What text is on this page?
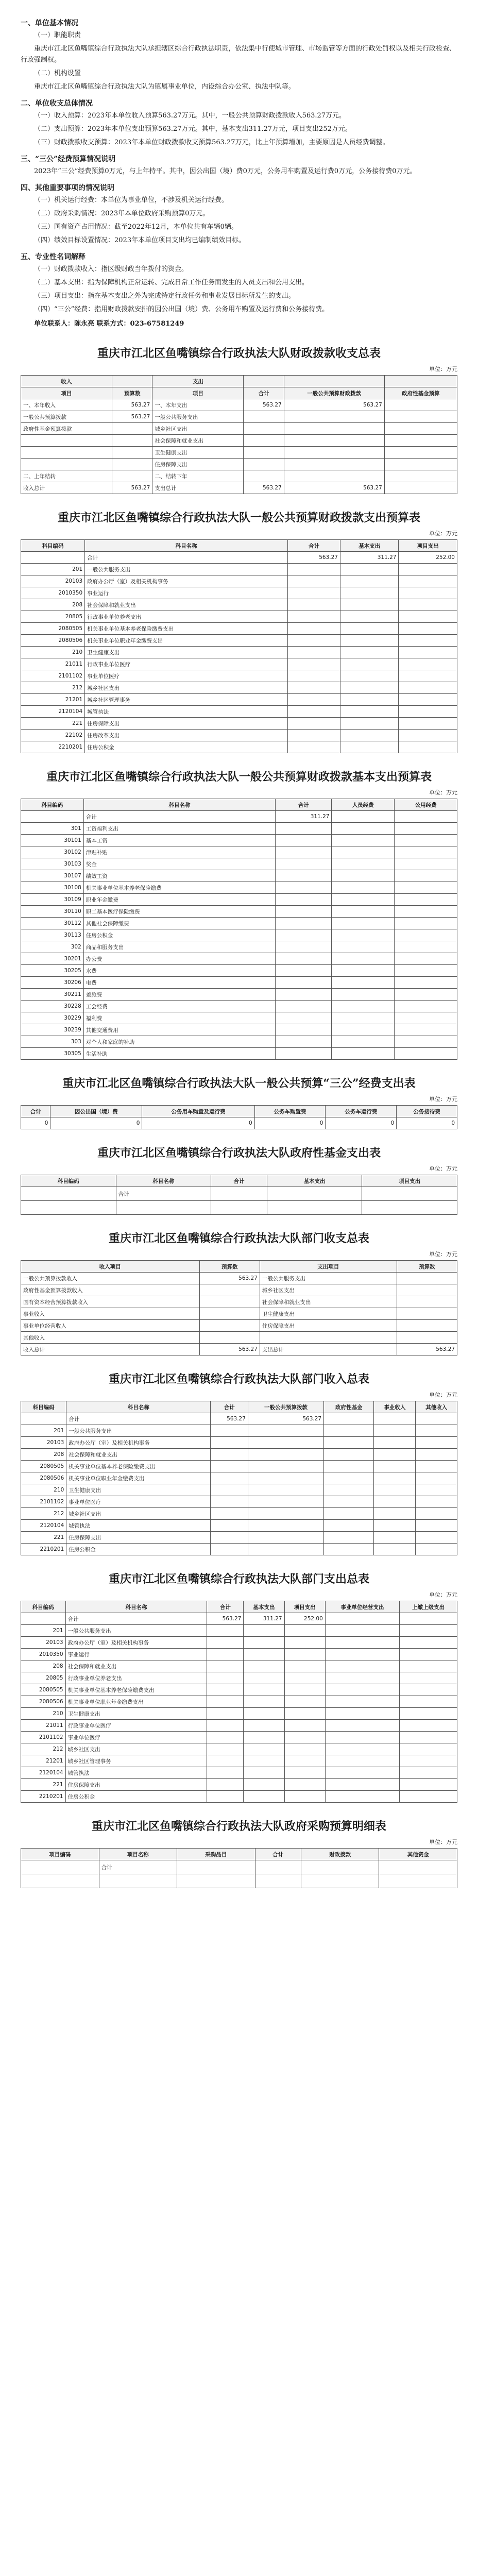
一、单位基本情况

（一）职能职责

重庆市江北区鱼嘴镇综合行政执法大队承担辖区综合行政执法职责，依法集中行使城市管理、市场监管等方面的行政处罚权以及相关行政检查、行政强制权。

（二）机构设置

重庆市江北区鱼嘴镇综合行政执法大队为镇属事业单位，内设综合办公室、执法中队等。

二、单位收支总体情况

（一）收入预算：2023年本单位收入预算563.27万元。其中，一般公共预算财政拨款收入563.27万元。

（二）支出预算：2023年本单位支出预算563.27万元。其中，基本支出311.27万元，项目支出252万元。

（三）财政拨款收支预算：2023年本单位财政拨款收支预算563.27万元，比上年预算增加，主要原因是人员经费调整。

三、“三公”经费预算情况说明

2023年“三公”经费预算0万元，与上年持平。其中，因公出国（境）费0万元，公务用车购置及运行费0万元，公务接待费0万元。

四、其他重要事项的情况说明

（一）机关运行经费：本单位为事业单位，不涉及机关运行经费。

（二）政府采购情况：2023年本单位政府采购预算0万元。

（三）国有资产占用情况：截至2022年12月，本单位共有车辆0辆。

（四）绩效目标设置情况：2023年本单位项目支出均已编制绩效目标。

五、专业性名词解释

（一）财政拨款收入：指区级财政当年拨付的资金。

（二）基本支出：指为保障机构正常运转、完成日常工作任务而发生的人员支出和公用支出。

（三）项目支出：指在基本支出之外为完成特定行政任务和事业发展目标所发生的支出。

（四）“三公”经费：指用财政拨款安排的因公出国（境）费、公务用车购置及运行费和公务接待费。

单位联系人：陈永亮 联系方式：023-67581249

重庆市江北区鱼嘴镇综合行政执法大队财政拨款收支总表
单位：万元
收入		支出			
项目	预算数	项目	合计	一般公共预算财政拨款	政府性基金预算
一、本年收入	563.27	一、本年支出	563.27	563.27	
一般公共预算拨款	563.27	一般公共服务支出			
政府性基金预算拨款		城乡社区支出			
		社会保障和就业支出			
		卫生健康支出			
		住房保障支出			
二、上年结转		二、结转下年			
收入总计	563.27	支出总计	563.27	563.27	
重庆市江北区鱼嘴镇综合行政执法大队一般公共预算财政拨款支出预算表
单位：万元
科目编码	科目名称	合计	基本支出	项目支出
	合计	563.27	311.27	252.00
201	一般公共服务支出			
20103	政府办公厅（室）及相关机构事务			
2010350	事业运行			
208	社会保障和就业支出			
20805	行政事业单位养老支出			
2080505	机关事业单位基本养老保险缴费支出			
2080506	机关事业单位职业年金缴费支出			
210	卫生健康支出			
21011	行政事业单位医疗			
2101102	事业单位医疗			
212	城乡社区支出			
21201	城乡社区管理事务			
2120104	城管执法			
221	住房保障支出			
22102	住房改革支出			
2210201	住房公积金			
重庆市江北区鱼嘴镇综合行政执法大队一般公共预算财政拨款基本支出预算表
单位：万元
科目编码	科目名称	合计	人员经费	公用经费
	合计	311.27		
301	工资福利支出			
30101	基本工资			
30102	津贴补贴			
30103	奖金			
30107	绩效工资			
30108	机关事业单位基本养老保险缴费			
30109	职业年金缴费			
30110	职工基本医疗保险缴费			
30112	其他社会保障缴费			
30113	住房公积金			
302	商品和服务支出			
30201	办公费			
30205	水费			
30206	电费			
30211	差旅费			
30228	工会经费			
30229	福利费			
30239	其他交通费用			
303	对个人和家庭的补助			
30305	生活补助			
重庆市江北区鱼嘴镇综合行政执法大队一般公共预算“三公”经费支出表
单位：万元
合计	因公出国（境）费	公务用车购置及运行费	公务车购置费	公务车运行费	公务接待费
0	0	0	0	0	0
重庆市江北区鱼嘴镇综合行政执法大队政府性基金支出表
单位：万元
科目编码	科目名称	合计	基本支出	项目支出
	合计			

重庆市江北区鱼嘴镇综合行政执法大队部门收支总表
单位：万元
收入项目	预算数	支出项目	预算数
一般公共预算拨款收入	563.27	一般公共服务支出	
政府性基金预算拨款收入		城乡社区支出	
国有资本经营预算拨款收入		社会保障和就业支出	
事业收入		卫生健康支出	
事业单位经营收入		住房保障支出	
其他收入			
收入总计	563.27	支出总计	563.27
重庆市江北区鱼嘴镇综合行政执法大队部门收入总表
单位：万元
科目编码	科目名称	合计	一般公共预算拨款	政府性基金	事业收入	其他收入
	合计	563.27	563.27			
201	一般公共服务支出					
20103	政府办公厅（室）及相关机构事务					
208	社会保障和就业支出					
2080505	机关事业单位基本养老保险缴费支出					
2080506	机关事业单位职业年金缴费支出					
210	卫生健康支出					
2101102	事业单位医疗					
212	城乡社区支出					
2120104	城管执法					
221	住房保障支出					
2210201	住房公积金					
重庆市江北区鱼嘴镇综合行政执法大队部门支出总表
单位：万元
科目编码	科目名称	合计	基本支出	项目支出	事业单位经营支出	上缴上级支出
	合计	563.27	311.27	252.00		
201	一般公共服务支出					
20103	政府办公厅（室）及相关机构事务					
2010350	事业运行					
208	社会保障和就业支出					
20805	行政事业单位养老支出					
2080505	机关事业单位基本养老保险缴费支出					
2080506	机关事业单位职业年金缴费支出					
210	卫生健康支出					
21011	行政事业单位医疗					
2101102	事业单位医疗					
212	城乡社区支出					
21201	城乡社区管理事务					
2120104	城管执法					
221	住房保障支出					
2210201	住房公积金					
重庆市江北区鱼嘴镇综合行政执法大队政府采购预算明细表
单位：万元
项目编码	项目名称	采购品目	合计	财政拨款	其他资金
	合计				
